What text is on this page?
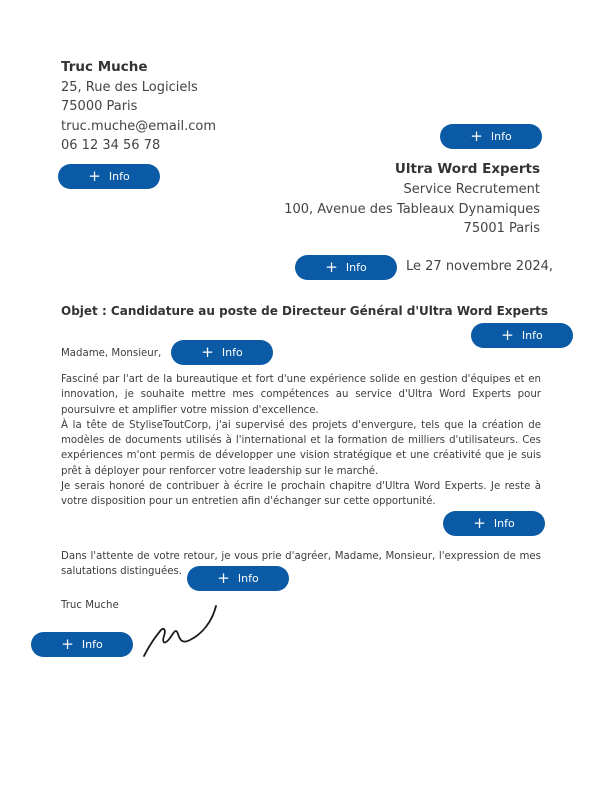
Truc Muche
25, Rue des Logiciels
75000 Paris
truc.muche@email.com
06 12 34 56 78
Ultra Word Experts
Service Recrutement
100, Avenue des Tableaux Dynamiques
75001 Paris
Le 27 novembre 2024,
Objet : Candidature au poste de Directeur Général d'Ultra Word Experts
Madame, Monsieur,

Fasciné par l'art de la bureautique et fort d'une expérience solide en gestion d'équipes et en innovation, je souhaite mettre mes compétences au service d'Ultra Word Experts pour poursuivre et amplifier votre mission d'excellence.

À la tête de StyliseToutCorp, j'ai supervisé des projets d'envergure, tels que la création de modèles de documents utilisés à l'international et la formation de milliers d'utilisateurs. Ces expériences m'ont permis de développer une vision stratégique et une créativité que je suis prêt à déployer pour renforcer votre leadership sur le marché.

Je serais honoré de contribuer à écrire le prochain chapitre d'Ultra Word Experts. Je reste à votre disposition pour un entretien afin d'échanger sur cette opportunité.

Dans l'attente de votre retour, je vous prie d'agréer, Madame, Monsieur, l'expression de mes salutations distinguées.
Truc Muche
+ Info
+ Info
+ Info
+ Info
+ Info
+ Info
+ Info
+ Info
